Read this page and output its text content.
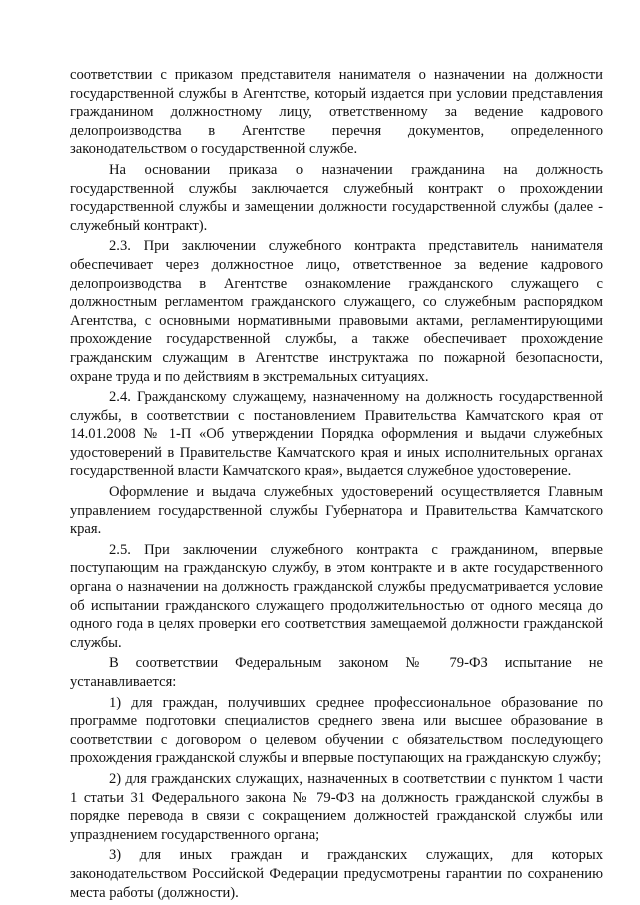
соответствии с приказом представителя нанимателя о назначении на должности государственной службы в Агентстве, который издается при условии представления гражданином должностному лицу, ответственному за ведение кадрового делопроизводства в Агентстве перечня документов, определенного законодательством о государственной службе.

На основании приказа о назначении гражданина на должность государственной службы заключается служебный контракт о прохождении государственной службы и замещении должности государственной службы (далее - служебный контракт).

2.3. При заключении служебного контракта представитель нанимателя обеспечивает через должностное лицо, ответственное за ведение кадрового делопроизводства в Агентстве ознакомление гражданского служащего с должностным регламентом гражданского служащего, со служебным распорядком Агентства, с основными нормативными правовыми актами, регламентирующими прохождение государственной службы, а также обеспечивает прохождение гражданским служащим в Агентстве инструктажа по пожарной безопасности, охране труда и по действиям в экстремальных ситуациях.

2.4. Гражданскому служащему, назначенному на должность государственной службы, в соответствии с постановлением Правительства Камчатского края от 14.01.2008 № 1-П «Об утверждении Порядка оформления и выдачи служебных удостоверений в Правительстве Камчатского края и иных исполнительных органах государственной власти Камчатского края», выдается служебное удостоверение.

Оформление и выдача служебных удостоверений осуществляется Главным управлением государственной службы Губернатора и Правительства Камчатского края.

2.5. При заключении служебного контракта с гражданином, впервые поступающим на гражданскую службу, в этом контракте и в акте государственного органа о назначении на должность гражданской службы предусматривается условие об испытании гражданского служащего продолжительностью от одного месяца до одного года в целях проверки его соответствия замещаемой должности гражданской службы.

В соответствии Федеральным законом № 79-ФЗ испытание не устанавливается:

1) для граждан, получивших среднее профессиональное образование по программе подготовки специалистов среднего звена или высшее образование в соответствии с договором о целевом обучении с обязательством последующего прохождения гражданской службы и впервые поступающих на гражданскую службу;

2) для гражданских служащих, назначенных в соответствии с пунктом 1 части 1 статьи 31 Федерального закона № 79-ФЗ на должность гражданской службы в порядке перевода в связи с сокращением должностей гражданской службы или упразднением государственного органа;

3) для иных граждан и гражданских служащих, для которых законодательством Российской Федерации предусмотрены гарантии по сохранению места работы (должности).
